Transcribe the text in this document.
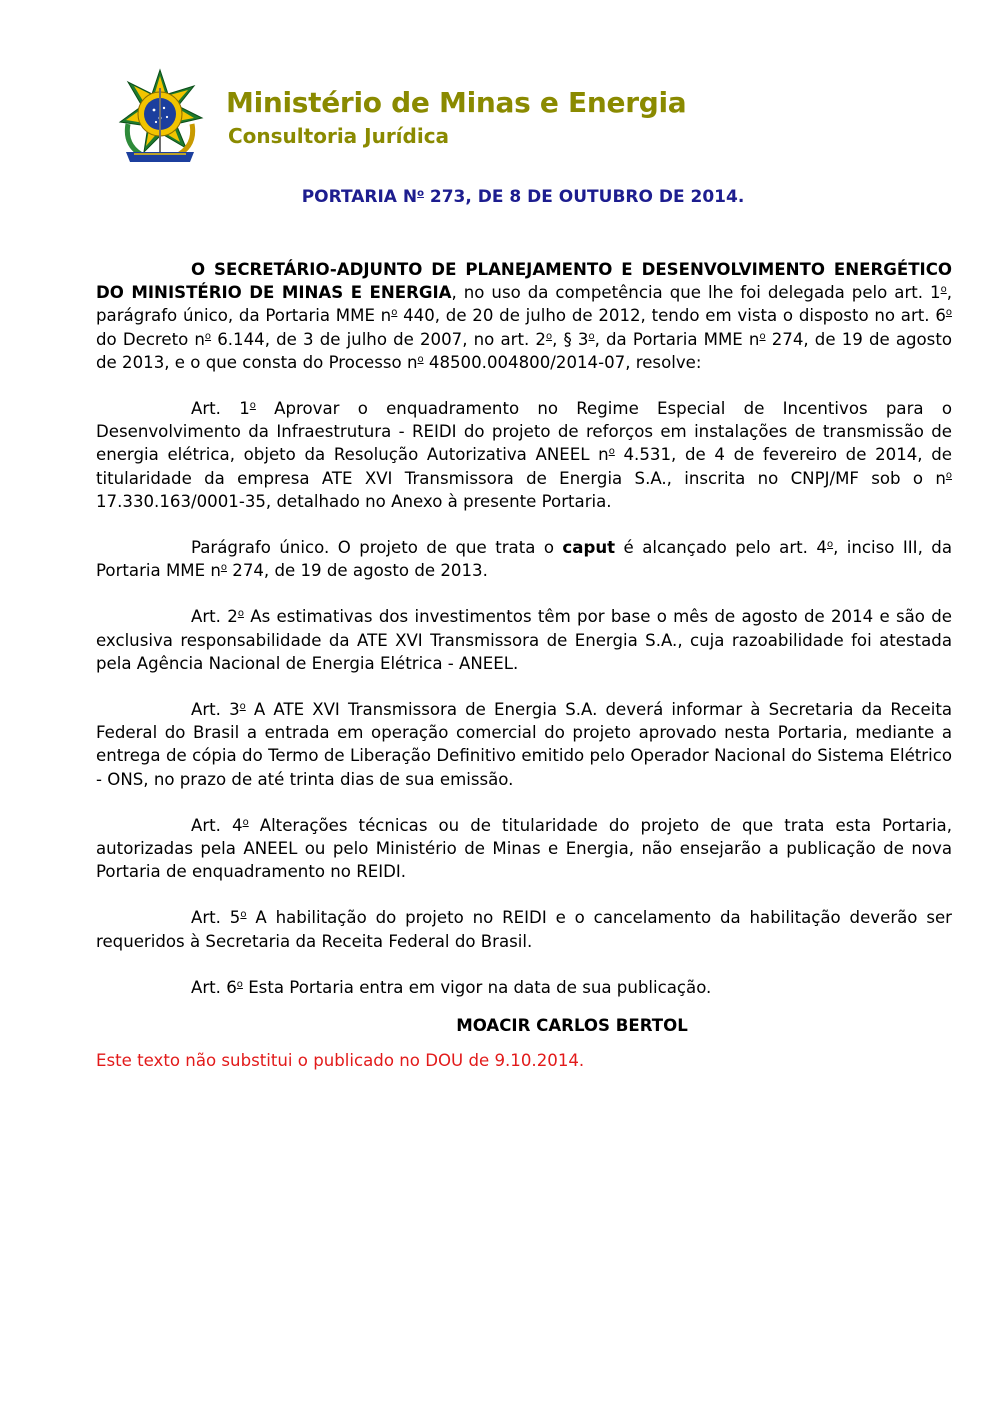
Ministério de Minas e Energia
Consultoria Jurídica
PORTARIA $N^o$ 273, DE 8 DE OUTUBRO DE 2014.

O SECRETÁRIO-ADJUNTO DE PLANEJAMENTO E DESENVOLVIMENTO ENERGÉTICO DO MINISTÉRIO DE MINAS E ENERGIA, no uso da competência que lhe foi delegada pelo art. 1$^o$, parágrafo único, da Portaria MME $n^o$ 440, de 20 de julho de 2012, tendo em vista o disposto no art. 6$^o$ do Decreto $n^o$ 6.144, de 3 de julho de 2007, no art. 2$^o$, § 3$^o$, da Portaria MME $n^o$ 274, de 19 de agosto de 2013, e o que consta do Processo $n^o$ 48500.004800/2014-07, resolve:

Art. 1$^o$ Aprovar o enquadramento no Regime Especial de Incentivos para o Desenvolvimento da Infraestrutura - REIDI do projeto de reforços em instalações de transmissão de energia elétrica, objeto da Resolução Autorizativa ANEEL $n^o$ 4.531, de 4 de fevereiro de 2014, de titularidade da empresa ATE XVI Transmissora de Energia S.A., inscrita no CNPJ/MF sob o $n^o$ 17.330.163/0001-35, detalhado no Anexo à presente Portaria.

Parágrafo único. O projeto de que trata o caput é alcançado pelo art. 4$^o$, inciso III, da Portaria MME $n^o$ 274, de 19 de agosto de 2013.

Art. 2$^o$ As estimativas dos investimentos têm por base o mês de agosto de 2014 e são de exclusiva responsabilidade da ATE XVI Transmissora de Energia S.A., cuja razoabilidade foi atestada pela Agência Nacional de Energia Elétrica - ANEEL.

Art. 3$^o$ A ATE XVI Transmissora de Energia S.A. deverá informar à Secretaria da Receita Federal do Brasil a entrada em operação comercial do projeto aprovado nesta Portaria, mediante a entrega de cópia do Termo de Liberação Definitivo emitido pelo Operador Nacional do Sistema Elétrico - ONS, no prazo de até trinta dias de sua emissão.

Art. 4$^o$ Alterações técnicas ou de titularidade do projeto de que trata esta Portaria, autorizadas pela ANEEL ou pelo Ministério de Minas e Energia, não ensejarão a publicação de nova Portaria de enquadramento no REIDI.

Art. 5$^o$ A habilitação do projeto no REIDI e o cancelamento da habilitação deverão ser requeridos à Secretaria da Receita Federal do Brasil.

Art. 6$^o$ Esta Portaria entra em vigor na data de sua publicação.

MOACIR CARLOS BERTOL

Este texto não substitui o publicado no DOU de 9.10.2014.
